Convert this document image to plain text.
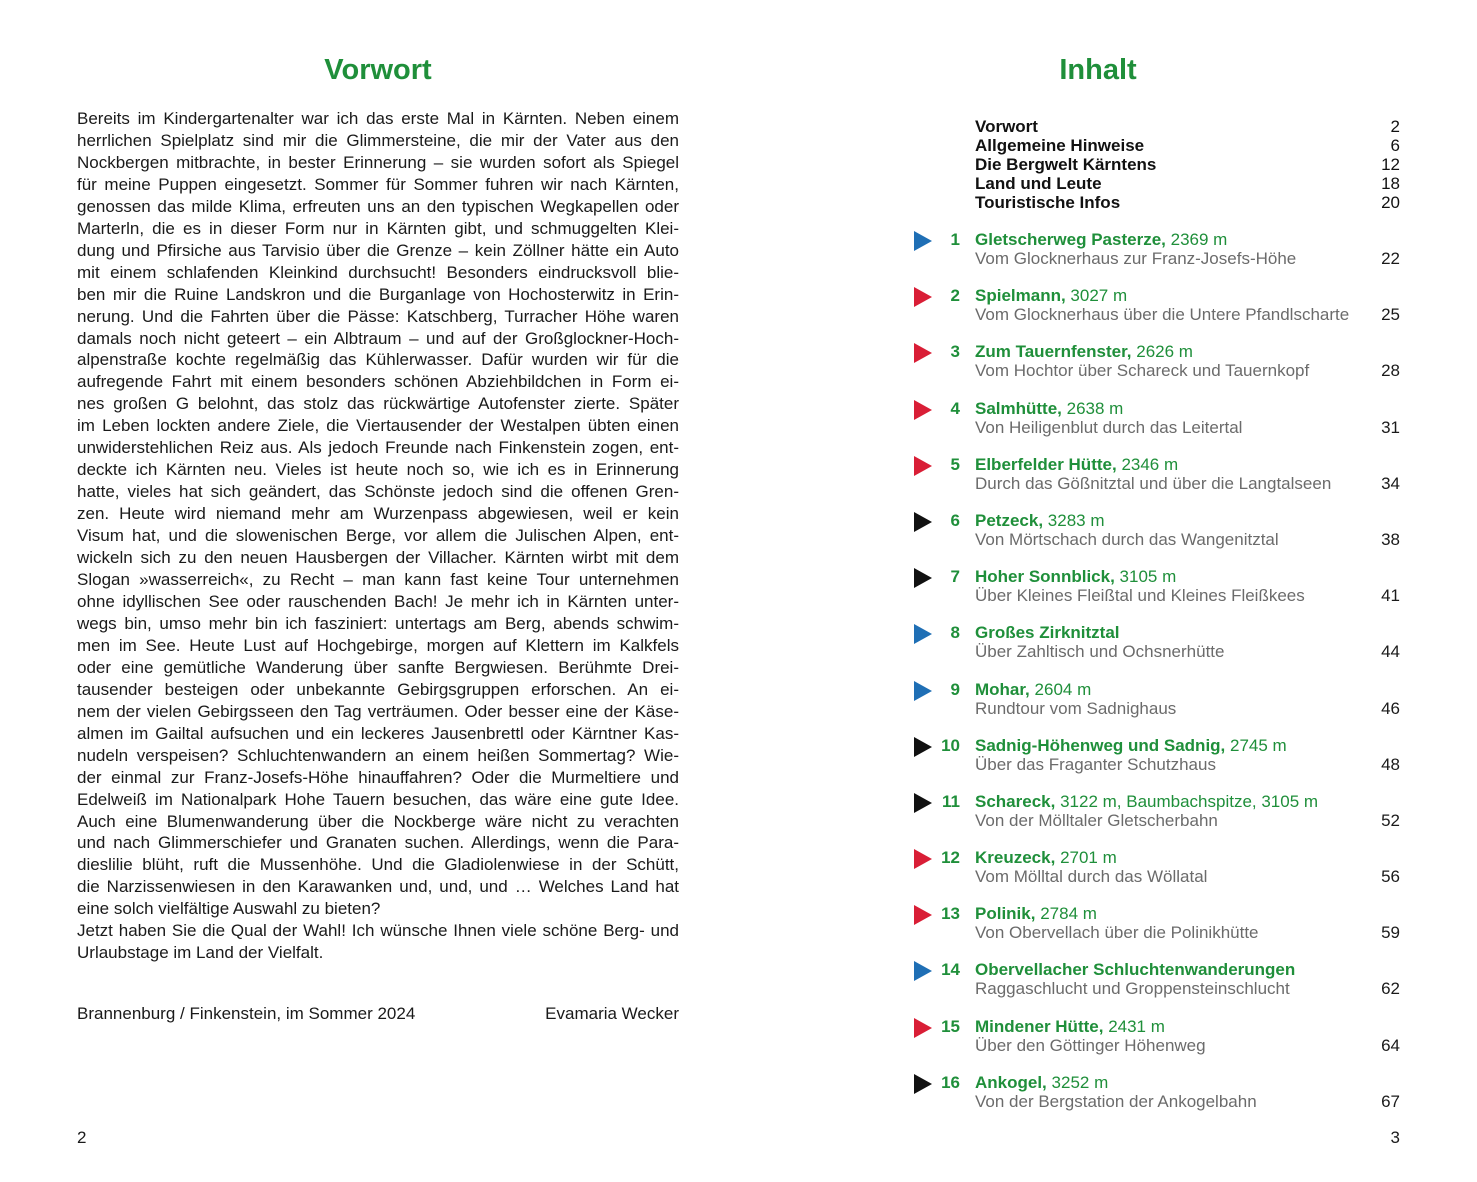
Vorwort
Bereits im Kindergartenalter war ich das erste Mal in Kärnten. Neben einem
herrlichen Spielplatz sind mir die Glimmersteine, die mir der Vater aus den
Nockbergen mitbrachte, in bester Erinnerung – sie wurden sofort als Spiegel
für meine Puppen eingesetzt. Sommer für Sommer fuhren wir nach Kärnten,
genossen das milde Klima, erfreuten uns an den typischen Wegkapellen oder
Marterln, die es in dieser Form nur in Kärnten gibt, und schmuggelten Klei-
dung und Pfirsiche aus Tarvisio über die Grenze – kein Zöllner hätte ein Auto
mit einem schlafenden Kleinkind durchsucht! Besonders eindrucksvoll blie-
ben mir die Ruine Landskron und die Burganlage von Hochosterwitz in Erin-
nerung. Und die Fahrten über die Pässe: Katschberg, Turracher Höhe waren
damals noch nicht geteert – ein Albtraum – und auf der Großglockner-Hoch-
alpenstraße kochte regelmäßig das Kühlerwasser. Dafür wurden wir für die
aufregende Fahrt mit einem besonders schönen Abziehbildchen in Form ei-
nes großen G belohnt, das stolz das rückwärtige Autofenster zierte. Später
im Leben lockten andere Ziele, die Viertausender der Westalpen übten einen
unwiderstehlichen Reiz aus. Als jedoch Freunde nach Finkenstein zogen, ent-
deckte ich Kärnten neu. Vieles ist heute noch so, wie ich es in Erinnerung
hatte, vieles hat sich geändert, das Schönste jedoch sind die offenen Gren-
zen. Heute wird niemand mehr am Wurzenpass abgewiesen, weil er kein
Visum hat, und die slowenischen Berge, vor allem die Julischen Alpen, ent-
wickeln sich zu den neuen Hausbergen der Villacher. Kärnten wirbt mit dem
Slogan »wasserreich«, zu Recht – man kann fast keine Tour unternehmen
ohne idyllischen See oder rauschenden Bach! Je mehr ich in Kärnten unter-
wegs bin, umso mehr bin ich fasziniert: untertags am Berg, abends schwim-
men im See. Heute Lust auf Hochgebirge, morgen auf Klettern im Kalkfels
oder eine gemütliche Wanderung über sanfte Bergwiesen. Berühmte Drei-
tausender besteigen oder unbekannte Gebirgsgruppen erforschen. An ei-
nem der vielen Gebirgsseen den Tag verträumen. Oder besser eine der Käse-
almen im Gailtal aufsuchen und ein leckeres Jausenbrettl oder Kärntner Kas-
nudeln verspeisen? Schluchtenwandern an einem heißen Sommertag? Wie-
der einmal zur Franz-Josefs-Höhe hinauffahren? Oder die Murmeltiere und
Edelweiß im Nationalpark Hohe Tauern besuchen, das wäre eine gute Idee.
Auch eine Blumenwanderung über die Nockberge wäre nicht zu verachten
und nach Glimmerschiefer und Granaten suchen. Allerdings, wenn die Para-
dieslilie blüht, ruft die Mussenhöhe. Und die Gladiolenwiese in der Schütt,
die Narzissenwiesen in den Karawanken und, und, und … Welches Land hat
eine solch vielfältige Auswahl zu bieten?
Jetzt haben Sie die Qual der Wahl! Ich wünsche Ihnen viele schöne Berg- und
Urlaubstage im Land der Vielfalt.
Brannenburg / Finkenstein, im Sommer 2024	Evamaria Wecker
2
Inhalt
Vorwort	2
Allgemeine Hinweise	6
Die Bergwelt Kärntens	12
Land und Leute	18
Touristische Infos	20
1 Gletscherweg Pasterze, 2369 m
Vom Glocknerhaus zur Franz-Josefs-Höhe	22
2 Spielmann, 3027 m
Vom Glocknerhaus über die Untere Pfandlscharte 25
3 Zum Tauernfenster, 2626 m
Vom Hochtor über Schareck und Tauernkopf	28
4 Salmhütte, 2638 m
Von Heiligenblut durch das Leitertal	31
5 Elberfelder Hütte, 2346 m
Durch das Gößnitztal und über die Langtalseen	34
6 Petzeck, 3283 m
Von Mörtschach durch das Wangenitztal	38
7 Hoher Sonnblick, 3105 m
Über Kleines Fleißtal und Kleines Fleißkees	41
8 Großes Zirknitztal
Über Zahltisch und Ochsnerhütte	44
9 Mohar, 2604 m
Rundtour vom Sadnighaus	46
10 Sadnig-Höhenweg und Sadnig, 2745 m
Über das Fraganter Schutzhaus	48
11 Schareck, 3122 m, Baumbachspitze, 3105 m
Von der Mölltaler Gletscherbahn	52
12 Kreuzeck, 2701 m
Vom Mölltal durch das Wöllatal	56
13 Polinik, 2784 m
Von Obervellach über die Polinikhütte	59
14 Obervellacher Schluchtenwanderungen
Raggaschlucht und Groppensteinschlucht	62
15 Mindener Hütte, 2431 m
Über den Göttinger Höhenweg	64
16 Ankogel, 3252 m
Von der Bergstation der Ankogelbahn	67
3
